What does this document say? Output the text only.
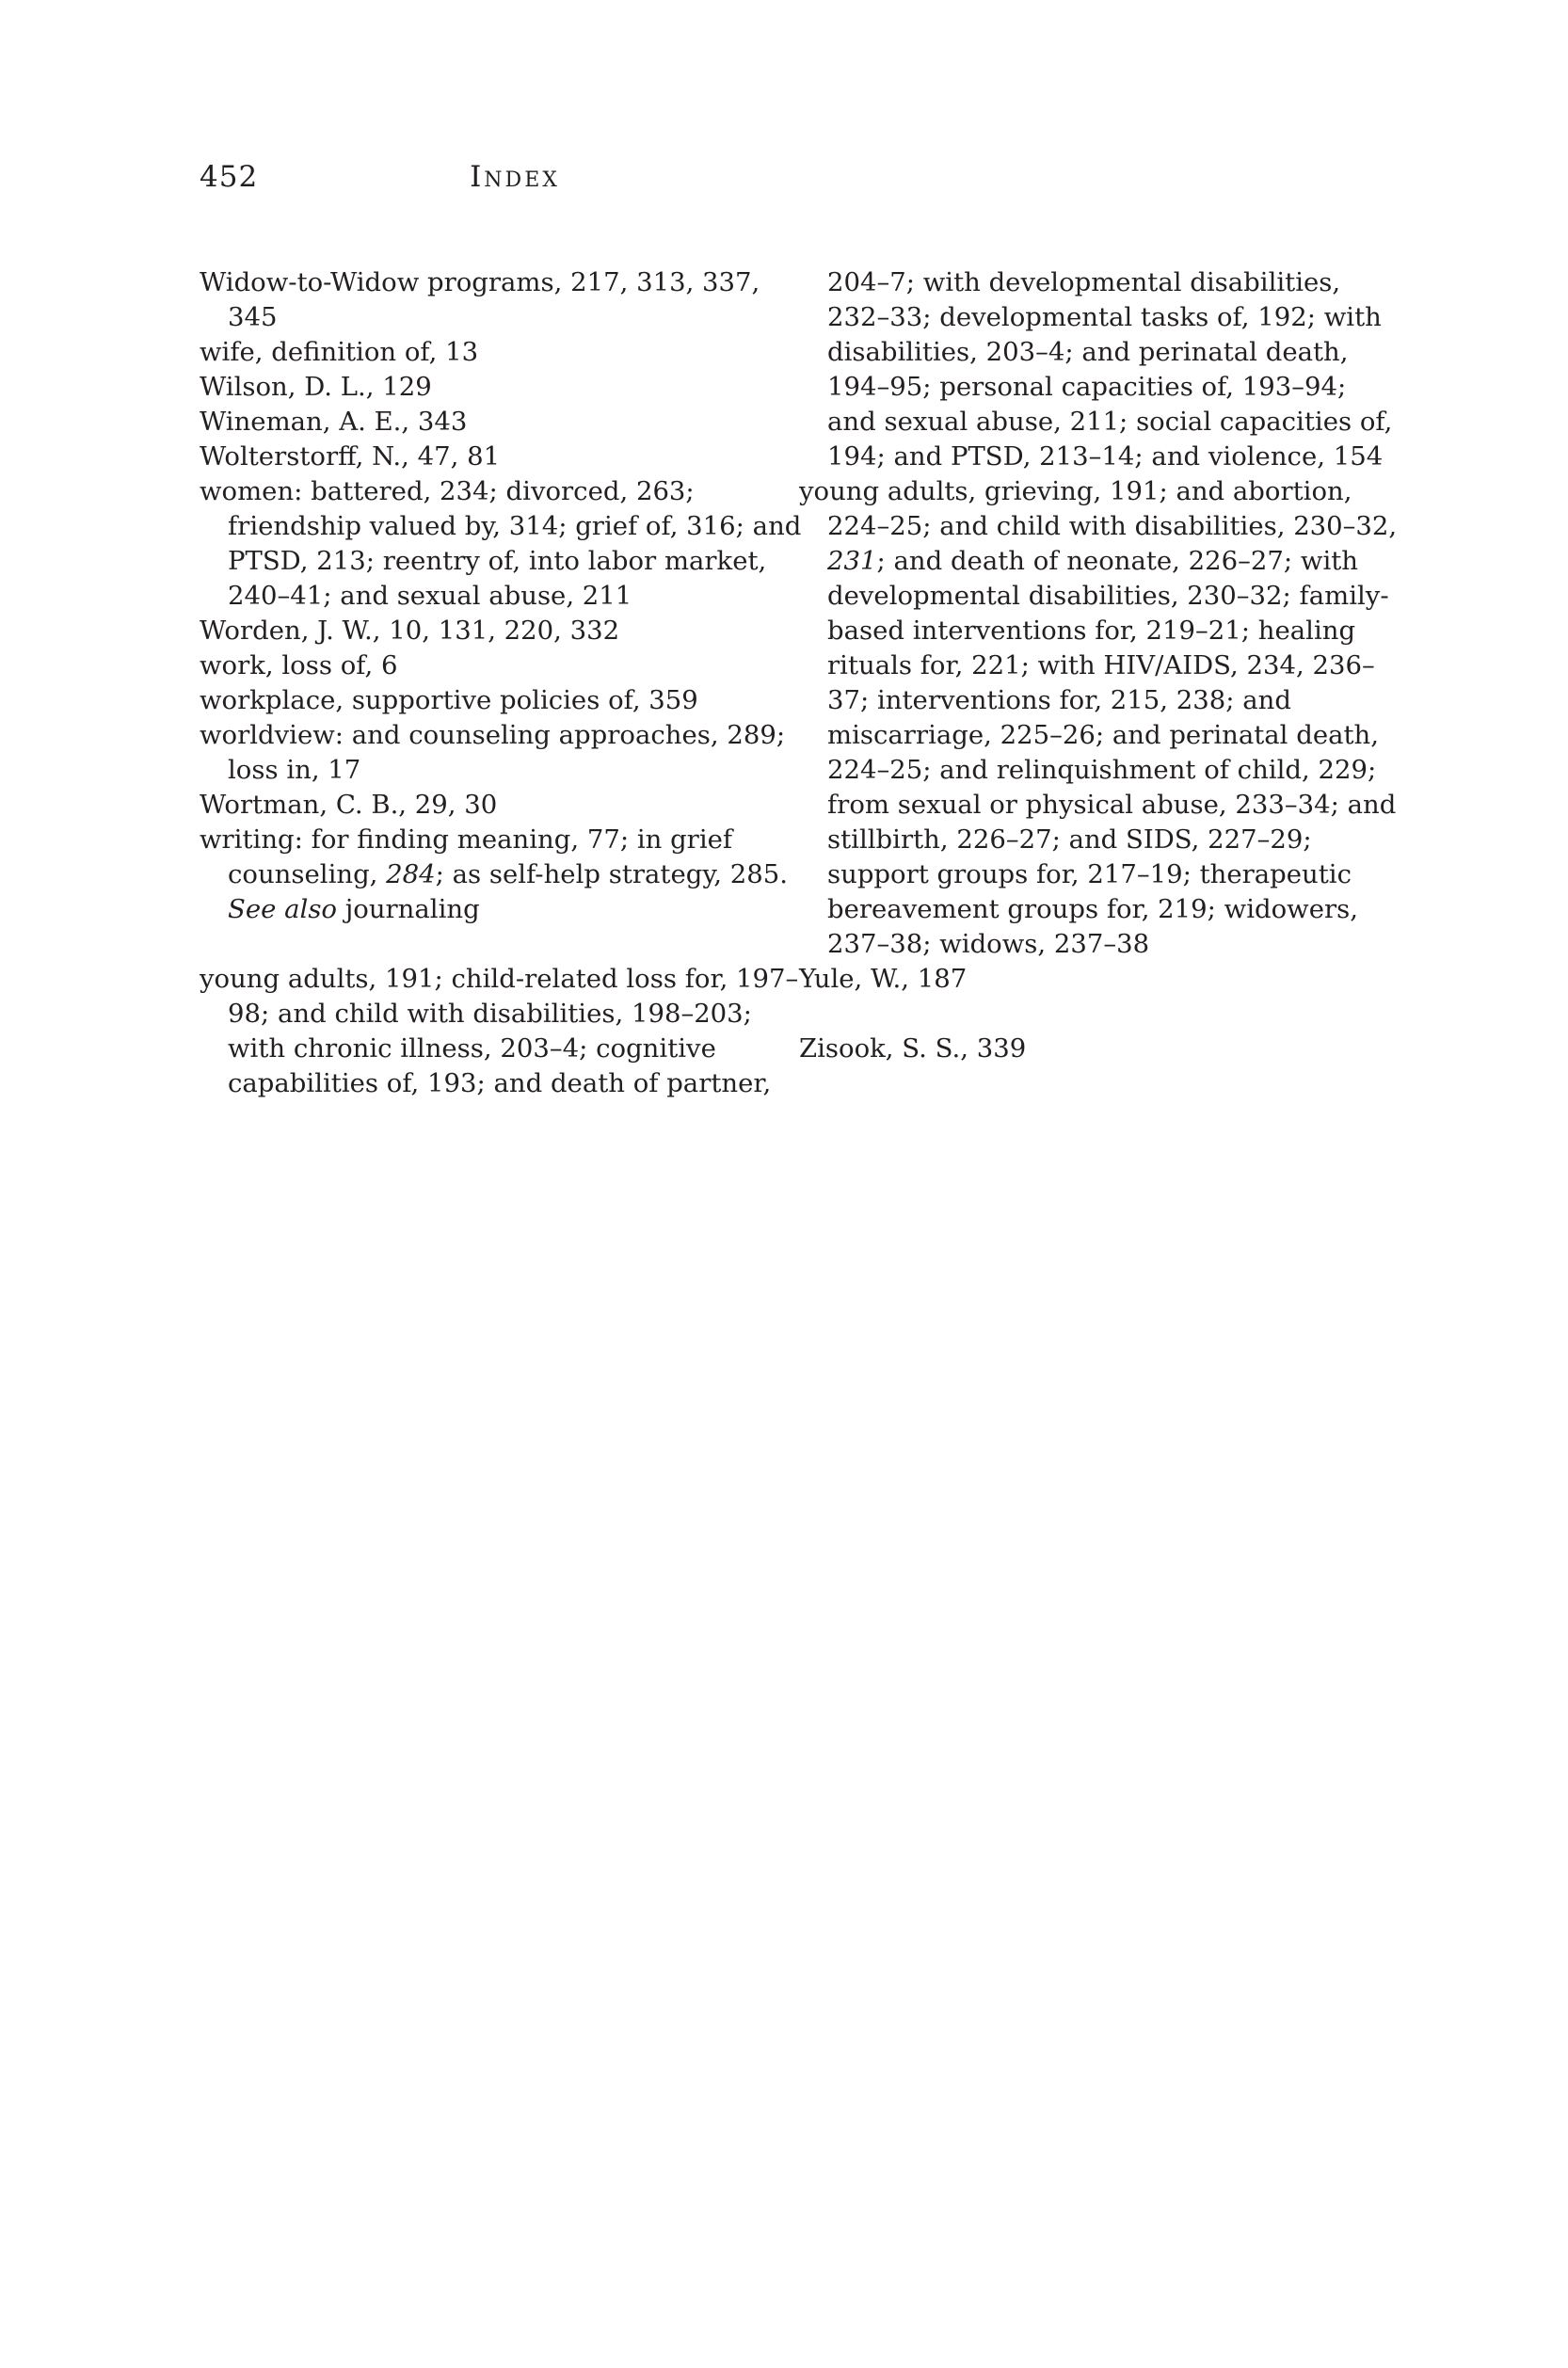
452	Index
Widow-to-Widow programs, 217, 313, 337, 345
wife, definition of, 13
Wilson, D. L., 129
Wineman, A. E., 343
Wolterstorff, N., 47, 81
women: battered, 234; divorced, 263; friendship valued by, 314; grief of, 316; and PTSD, 213; reentry of, into labor market, 240–41; and sexual abuse, 211
Worden, J. W., 10, 131, 220, 332
work, loss of, 6
workplace, supportive policies of, 359
worldview: and counseling approaches, 289; loss in, 17
Wortman, C. B., 29, 30
writing: for finding meaning, 77; in grief counseling, 284; as self-help strategy, 285. See also journaling
young adults, 191; child-related loss for, 197–98; and child with disabilities, 198–203; with chronic illness, 203–4; cognitive capabilities of, 193; and death of partner,
204–7; with developmental disabilities, 232–33; developmental tasks of, 192; with disabilities, 203–4; and perinatal death, 194–95; personal capacities of, 193–94; and sexual abuse, 211; social capacities of, 194; and PTSD, 213–14; and violence, 154
young adults, grieving, 191; and abortion, 224–25; and child with disabilities, 230–32, 231; and death of neonate, 226–27; with developmental disabilities, 230–32; family-based interventions for, 219–21; healing rituals for, 221; with HIV/AIDS, 234, 236–37; interventions for, 215, 238; and miscarriage, 225–26; and perinatal death, 224–25; and relinquishment of child, 229; from sexual or physical abuse, 233–34; and stillbirth, 226–27; and SIDS, 227–29; support groups for, 217–19; therapeutic bereavement groups for, 219; widowers, 237–38; widows, 237–38
Yule, W., 187
Zisook, S. S., 339
